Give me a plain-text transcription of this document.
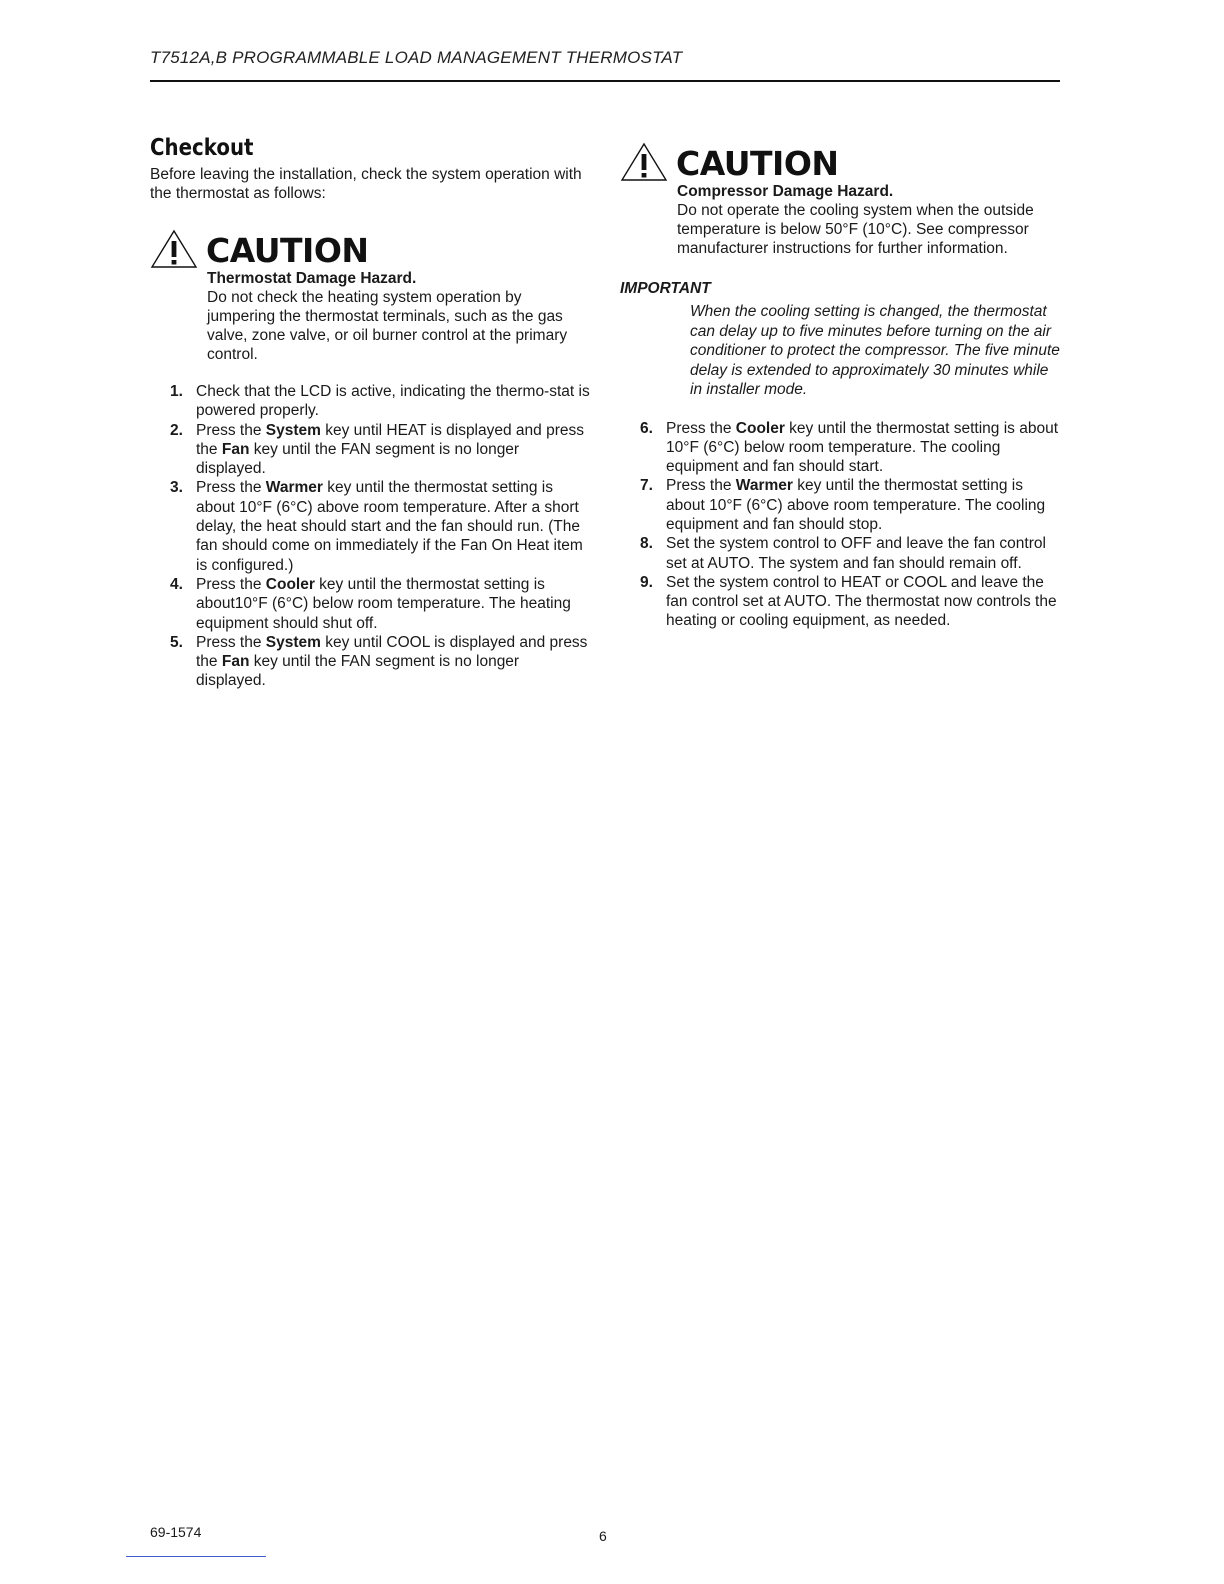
T7512A,B PROGRAMMABLE LOAD MANAGEMENT THERMOSTAT
Checkout

Before leaving the installation, check the system operation with the thermostat as follows:

CAUTION

Thermostat Damage Hazard.

Do not check the heating system operation by jumpering the thermostat terminals, such as the gas valve, zone valve, or oil burner control at the primary control.

1. Check that the LCD is active, indicating the thermo-stat is powered properly.
2. Press the System key until HEAT is displayed and press the Fan key until the FAN segment is no longer displayed.
3. Press the Warmer key until the thermostat setting is about 10°F (6°C) above room temperature. After a short delay, the heat should start and the fan should run. (The fan should come on immediately if the Fan On Heat item is configured.)
4. Press the Cooler key until the thermostat setting is about10°F (6°C) below room temperature. The heating equipment should shut off.
5. Press the System key until COOL is displayed and press the Fan key until the FAN segment is no longer displayed.
CAUTION

Compressor Damage Hazard.

Do not operate the cooling system when the outside temperature is below 50°F (10°C). See compressor manufacturer instructions for further information.

IMPORTANT

When the cooling setting is changed, the thermostat can delay up to five minutes before turning on the air conditioner to protect the compressor. The five minute delay is extended to approximately 30 minutes while in installer mode.

6. Press the Cooler key until the thermostat setting is about 10°F (6°C) below room temperature. The cooling equipment and fan should start.
7. Press the Warmer key until the thermostat setting is about 10°F (6°C) above room temperature. The cooling equipment and fan should stop.
8. Set the system control to OFF and leave the fan control set at AUTO. The system and fan should remain off.
9. Set the system control to HEAT or COOL and leave the fan control set at AUTO. The thermostat now controls the heating or cooling equipment, as needed.
69-1574	6
